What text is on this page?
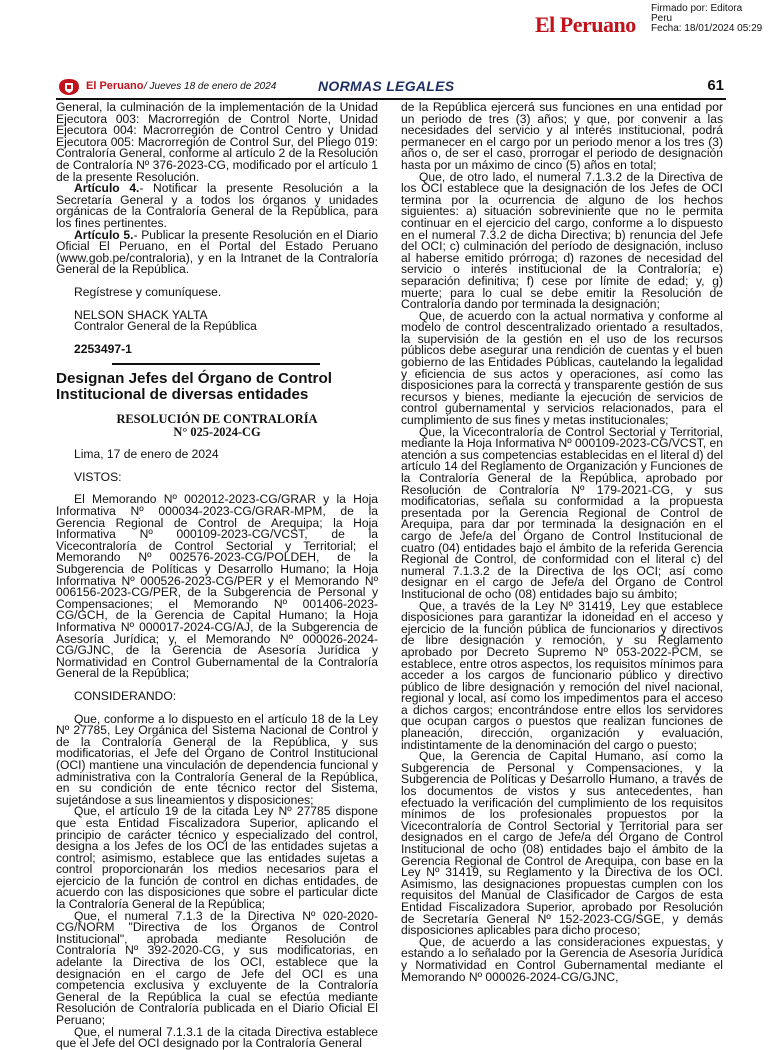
El Peruano
Firmado por: Editora
Peru
Fecha: 18/01/2024 05:29
El Peruano / Jueves 18 de enero de 2024	NORMAS LEGALES	61

General, la culminación de la implementación de la Unidad Ejecutora 003: Macrorregión de Control Norte, Unidad Ejecutora 004: Macrorregión de Control Centro y Unidad Ejecutora 005: Macrorregión de Control Sur, del Pliego 019: Contraloría General, conforme al artículo 2 de la Resolución de Contraloría Nº 376-2023-CG, modificado por el artículo 1 de la presente Resolución.

Artículo 4.- Notificar la presente Resolución a la Secretaría General y a todos los órganos y unidades orgánicas de la Contraloría General de la República, para los fines pertinentes.

Artículo 5.- Publicar la presente Resolución en el Diario Oficial El Peruano, en el Portal del Estado Peruano (www.gob.pe/contraloria), y en la Intranet de la Contraloría General de la República.

Regístrese y comuníquese.

NELSON SHACK YALTA

Contralor General de la República

2253497-1

Designan Jefes del Órgano de Control Institucional de diversas entidades
RESOLUCIÓN DE CONTRALORÍA
N° 025-2024-CG

Lima, 17 de enero de 2024

VISTOS:

El Memorando Nº 002012-2023-CG/GRAR y la Hoja Informativa Nº 000034-2023-CG/GRAR-MPM, de la Gerencia Regional de Control de Arequipa; la Hoja Informativa Nº 000109-2023-CG/VCST, de la Vicecontraloría de Control Sectorial y Territorial; el Memorando Nº 002576-2023-CG/POLDEH, de la Subgerencia de Políticas y Desarrollo Humano; la Hoja Informativa Nº 000526-2023-CG/PER y el Memorando Nº 006156-2023-CG/PER, de la Subgerencia de Personal y Compensaciones; el Memorando Nº 001406-2023-CG/GCH, de la Gerencia de Capital Humano; la Hoja Informativa Nº 000017-2024-CG/AJ, de la Subgerencia de Asesoría Jurídica; y, el Memorando Nº 000026-2024-CG/GJNC, de la Gerencia de Asesoría Jurídica y Normatividad en Control Gubernamental de la Contraloría General de la República;

CONSIDERANDO:

Que, conforme a lo dispuesto en el artículo 18 de la Ley Nº 27785, Ley Orgánica del Sistema Nacional de Control y de la Contraloría General de la República, y sus modificatorias, el Jefe del Órgano de Control Institucional (OCI) mantiene una vinculación de dependencia funcional y administrativa con la Contraloría General de la República, en su condición de ente técnico rector del Sistema, sujetándose a sus lineamientos y disposiciones;

Que, el artículo 19 de la citada Ley Nº 27785 dispone que esta Entidad Fiscalizadora Superior, aplicando el principio de carácter técnico y especializado del control, designa a los Jefes de los OCI de las entidades sujetas a control; asimismo, establece que las entidades sujetas a control proporcionarán los medios necesarios para el ejercicio de la función de control en dichas entidades, de acuerdo con las disposiciones que sobre el particular dicte la Contraloría General de la República;

Que, el numeral 7.1.3 de la Directiva Nº 020-2020-CG/NORM "Directiva de los Órganos de Control Institucional", aprobada mediante Resolución de Contraloría Nº 392-2020-CG, y sus modificatorias, en adelante la Directiva de los OCI, establece que la designación en el cargo de Jefe del OCI es una competencia exclusiva y excluyente de la Contraloría General de la República la cual se efectúa mediante Resolución de Contraloría publicada en el Diario Oficial El Peruano;

Que, el numeral 7.1.3.1 de la citada Directiva establece que el Jefe del OCI designado por la Contraloría General

de la República ejercerá sus funciones en una entidad por un periodo de tres (3) años; y que, por convenir a las necesidades del servicio y al interés institucional, podrá permanecer en el cargo por un periodo menor a los tres (3) años o, de ser el caso, prorrogar el periodo de designación hasta por un máximo de cinco (5) años en total;

Que, de otro lado, el numeral 7.1.3.2 de la Directiva de los OCI establece que la designación de los Jefes de OCI termina por la ocurrencia de alguno de los hechos siguientes: a) situación sobreviniente que no le permita continuar en el ejercicio del cargo, conforme a lo dispuesto en el numeral 7.3.2 de dicha Directiva; b) renuncia del Jefe del OCI; c) culminación del período de designación, incluso al haberse emitido prórroga; d) razones de necesidad del servicio o interés institucional de la Contraloría; e) separación definitiva; f) cese por límite de edad; y, g) muerte; para lo cual se debe emitir la Resolución de Contraloría dando por terminada la designación;

Que, de acuerdo con la actual normativa y conforme al modelo de control descentralizado orientado a resultados, la supervisión de la gestión en el uso de los recursos públicos debe asegurar una rendición de cuentas y el buen gobierno de las Entidades Públicas, cautelando la legalidad y eficiencia de sus actos y operaciones, así como las disposiciones para la correcta y transparente gestión de sus recursos y bienes, mediante la ejecución de servicios de control gubernamental y servicios relacionados, para el cumplimiento de sus fines y metas institucionales;

Que, la Vicecontraloría de Control Sectorial y Territorial, mediante la Hoja Informativa Nº 000109-2023-CG/VCST, en atención a sus competencias establecidas en el literal d) del artículo 14 del Reglamento de Organización y Funciones de la Contraloría General de la República, aprobado por Resolución de Contraloría Nº 179-2021-CG, y sus modificatorias, señala su conformidad a la propuesta presentada por la Gerencia Regional de Control de Arequipa, para dar por terminada la designación en el cargo de Jefe/a del Órgano de Control Institucional de cuatro (04) entidades bajo el ámbito de la referida Gerencia Regional de Control, de conformidad con el literal c) del numeral 7.1.3.2 de la Directiva de los OCI; así como designar en el cargo de Jefe/a del Órgano de Control Institucional de ocho (08) entidades bajo su ámbito;

Que, a través de la Ley Nº 31419, Ley que establece disposiciones para garantizar la idoneidad en el acceso y ejercicio de la función pública de funcionarios y directivos de libre designación y remoción, y su Reglamento aprobado por Decreto Supremo Nº 053-2022-PCM, se establece, entre otros aspectos, los requisitos mínimos para acceder a los cargos de funcionario público y directivo público de libre designación y remoción del nivel nacional, regional y local, así como los impedimentos para el acceso a dichos cargos; encontrándose entre ellos los servidores que ocupan cargos o puestos que realizan funciones de planeación, dirección, organización y evaluación, indistintamente de la denominación del cargo o puesto;

Que, la Gerencia de Capital Humano, así como la Subgerencia de Personal y Compensaciones, y la Subgerencia de Políticas y Desarrollo Humano, a través de los documentos de vistos y sus antecedentes, han efectuado la verificación del cumplimiento de los requisitos mínimos de los profesionales propuestos por la Vicecontraloría de Control Sectorial y Territorial para ser designados en el cargo de Jefe/a del Órgano de Control Institucional de ocho (08) entidades bajo el ámbito de la Gerencia Regional de Control de Arequipa, con base en la Ley Nº 31419, su Reglamento y la Directiva de los OCI. Asimismo, las designaciones propuestas cumplen con los requisitos del Manual de Clasificador de Cargos de esta Entidad Fiscalizadora Superior, aprobado por Resolución de Secretaría General Nº 152-2023-CG/SGE, y demás disposiciones aplicables para dicho proceso;

Que, de acuerdo a las consideraciones expuestas, y estando a lo señalado por la Gerencia de Asesoría Jurídica y Normatividad en Control Gubernamental mediante el Memorando Nº 000026-2024-CG/GJNC,
